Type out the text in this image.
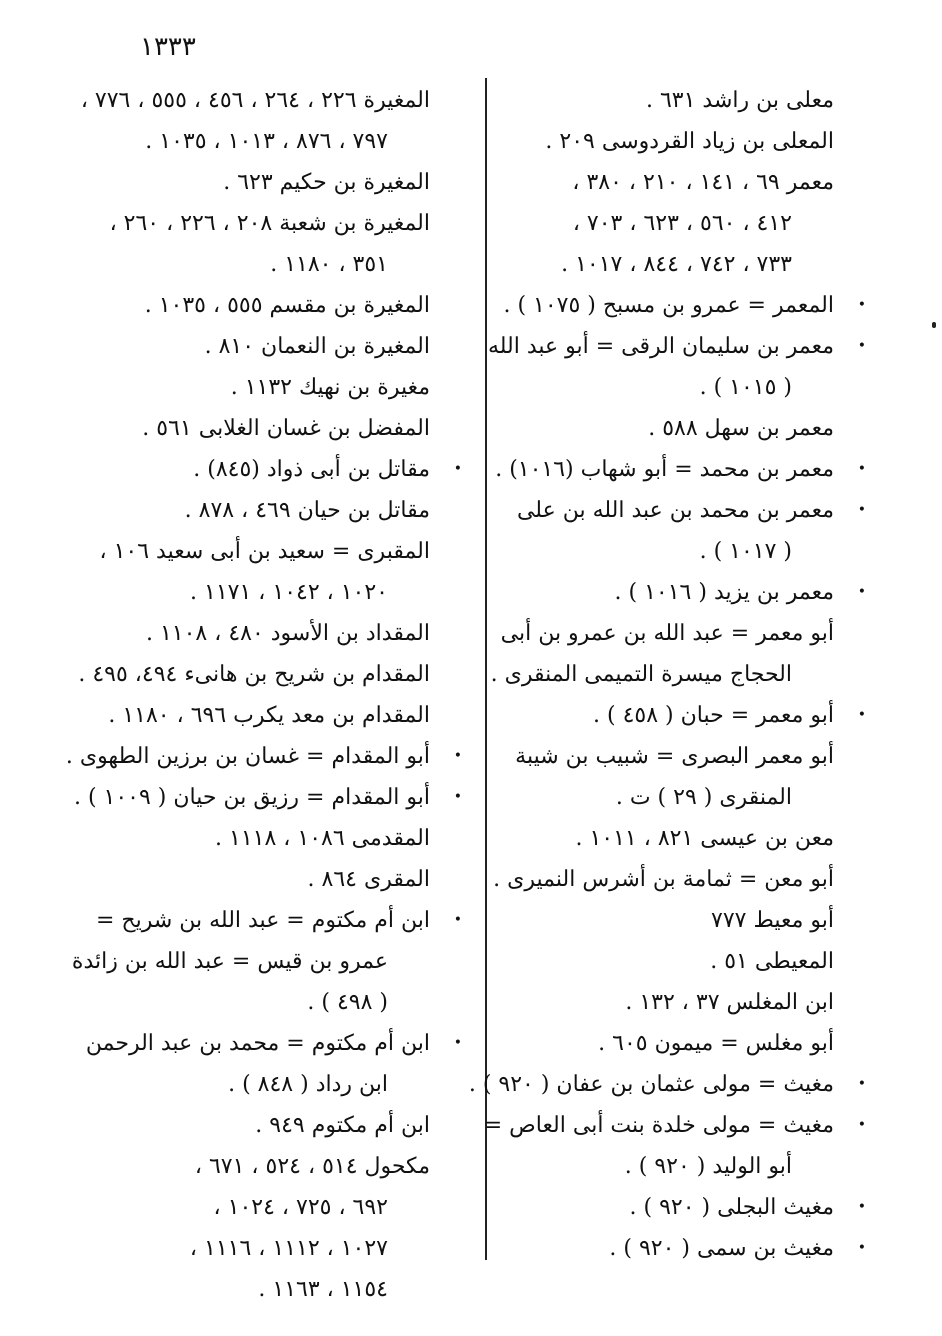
١٣٣٣
معلى بن راشد ٦٣١ .
المعلى بن زياد القردوسى ٢٠٩ .
معمر ٦٩ ، ١٤١ ، ٢١٠ ، ٣٨٠ ،
٤١٢ ، ٥٦٠ ، ٦٢٣ ، ٧٠٣ ،
٧٣٣ ، ٧٤٢ ، ٨٤٤ ، ١٠١٧ .
•
المعمر = عمرو بن مسبح ( ١٠٧٥ ) .
•
معمر بن سليمان الرقى = أبو عبد الله
( ١٠١٥ ) .
معمر بن سهل ٥٨٨ .
•
معمر بن محمد = أبو شهاب (١٠١٦) .
•
معمر بن محمد بن عبد الله بن على
( ١٠١٧ ) .
•
معمر بن يزيد ( ١٠١٦ ) .
أبو معمر = عبد الله بن عمرو بن أبى
الحجاج ميسرة التميمى المنقرى .
•
أبو معمر = حبان ( ٤٥٨ ) .
أبو معمر البصرى = شبيب بن شيبة
المنقرى ( ٢٩ ) ت .
معن بن عيسى ٨٢١ ، ١٠١١ .
أبو معن = ثمامة بن أشرس النميرى .
أبو معيط ٧٧٧
المعيطى ٥١ .
ابن المغلس ٣٧ ، ١٣٢ .
أبو مغلس = ميمون ٦٠٥ .
•
مغيث = مولى عثمان بن عفان ( ٩٢٠ ) .
•
مغيث = مولى خلدة بنت أبى العاص =
أبو الوليد ( ٩٢٠ ) .
•
مغيث البجلى ( ٩٢٠ ) .
•
مغيث بن سمى ( ٩٢٠ ) .
المغيرة ٢٢٦ ، ٢٦٤ ، ٤٥٦ ، ٥٥٥ ، ٧٧٦ ،
٧٩٧ ، ٨٧٦ ، ١٠١٣ ، ١٠٣٥ .
المغيرة بن حكيم ٦٢٣ .
المغيرة بن شعبة ٢٠٨ ، ٢٢٦ ، ٢٦٠ ،
٣٥١ ، ١١٨٠ .
المغيرة بن مقسم ٥٥٥ ، ١٠٣٥ .
المغيرة بن النعمان ٨١٠ .
مغيرة بن نهيك ١١٣٢ .
المفضل بن غسان الغلابى ٥٦١ .
•
مقاتل بن أبى ذواد (٨٤٥) .
مقاتل بن حيان ٤٦٩ ، ٨٧٨ .
المقبرى = سعيد بن أبى سعيد ١٠٦ ،
١٠٢٠ ، ١٠٤٢ ، ١١٧١ .
المقداد بن الأسود ٤٨٠ ، ١١٠٨ .
المقدام بن شريح بن هانىء ٤٩٤، ٤٩٥ .
المقدام بن معد يكرب ٦٩٦ ، ١١٨٠ .
•
أبو المقدام = غسان بن برزين الطهوى .
•
أبو المقدام = رزيق بن حيان ( ١٠٠٩ ) .
المقدمى ١٠٨٦ ، ١١١٨ .
المقرى ٨٦٤ .
•
ابن أم مكتوم = عبد الله بن شريح =
عمرو بن قيس = عبد الله بن زائدة
( ٤٩٨ ) .
•
ابن أم مكتوم = محمد بن عبد الرحمن
ابن رداد ( ٨٤٨ ) .
ابن أم مكتوم ٩٤٩ .
مكحول ٥١٤ ، ٥٢٤ ، ٦٧١ ،
٦٩٢ ، ٧٢٥ ، ١٠٢٤ ،
١٠٢٧ ، ١١١٢ ، ١١١٦ ،
١١٥٤ ، ١١٦٣ .
